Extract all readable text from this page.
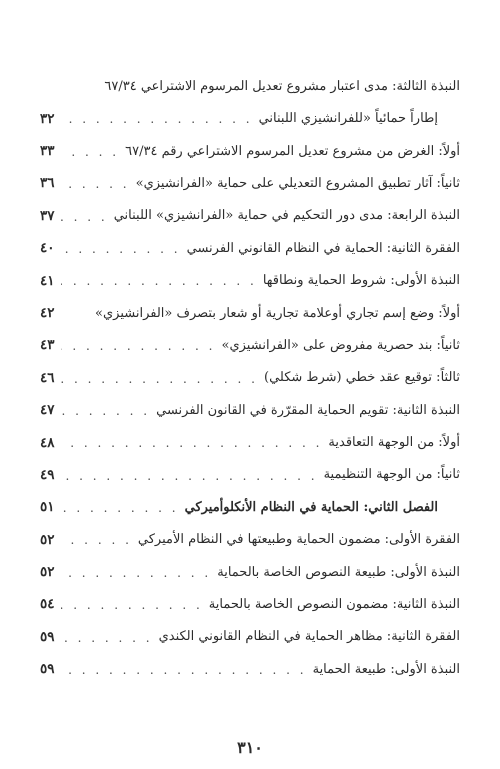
النبذة الثالثة: مدى اعتبار مشروع تعديل المرسوم الاشتراعي ٦٧/٣٤
إطاراً حمائياً «للفرانشيزي اللبناني
. . .
٣٢
أولاً: الغرض من مشروع تعديل المرسوم الاشتراعي رقم ٦٧/٣٤
. . .
٣٣
ثانياً: آثار تطبيق المشروع التعديلي على حماية «الفرانشيزي»
. . .
٣٦
النبذة الرابعة: مدى دور التحكيم في حماية «الفرانشيزي» اللبناني
. . .
٣٧
الفقرة الثانية: الحماية في النظام القانوني الفرنسي
. . .
٤٠
النبذة الأولى: شروط الحماية ونطاقها
. . .
٤١
أولاً: وضع إسم تجاري أوعلامة تجارية أو شعار بتصرف «الفرانشيزي»
٤٢
ثانياً: بند حصرية مفروض على «الفرانشيزي»
. . .
٤٣
ثالثاً: توقيع عقد خطي (شرط شكلي)
. . .
٤٦
النبذة الثانية: تقويم الحماية المقرّرة في القانون الفرنسي
. . .
٤٧
أولاً: من الوجهة التعاقدية
. . .
٤٨
ثانياً: من الوجهة التنظيمية
. . .
٤٩
الفصل الثاني: الحماية في النظام الأنكلوأميركي
. . .
٥١
الفقرة الأولى: مضمون الحماية وطبيعتها في النظام الأميركي
. . .
٥٢
النبذة الأولى: طبيعة النصوص الخاصة بالحماية
. . .
٥٢
النبذة الثانية: مضمون النصوص الخاصة بالحماية
. . .
٥٤
الفقرة الثانية: مظاهر الحماية في النظام القانوني الكندي
. . .
٥٩
النبذة الأولى: طبيعة الحماية
. . .
٥٩
٣١٠
